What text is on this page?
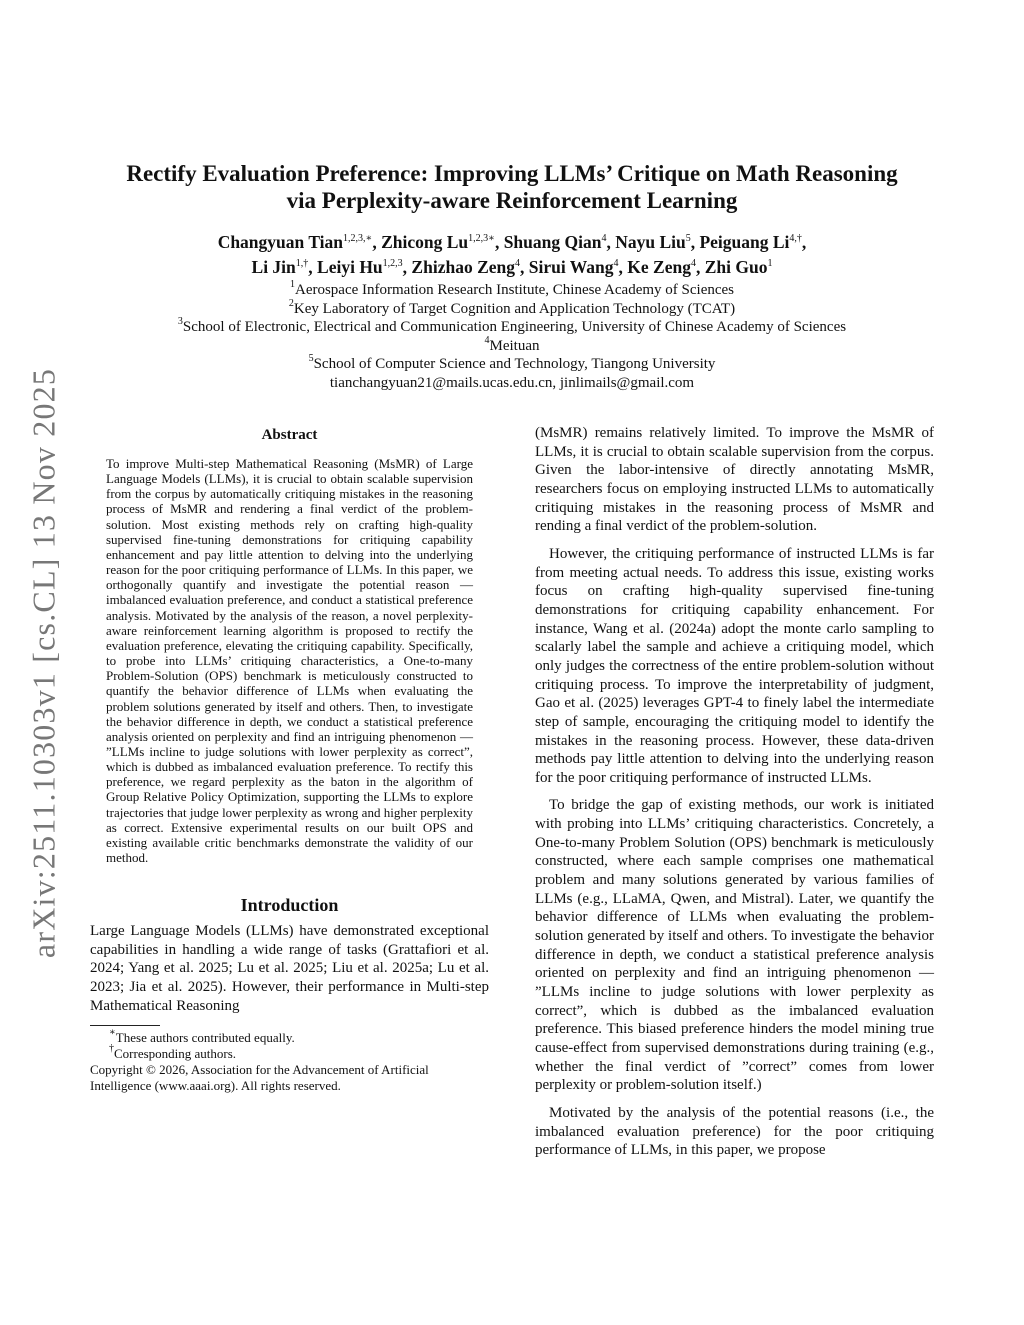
arXiv:2511.10303v1 [cs.CL] 13 Nov 2025
Rectify Evaluation Preference: Improving LLMs’ Critique on Math Reasoning
via Perplexity-aware Reinforcement Learning
Changyuan Tian$^{1,2,3,∗}$, Zhicong $Lu^{1,2,3∗}$, Shuang Qian$^4$, Nayu Liu$^5$, Peiguang $Li^{4,\dagger}$,
Li Jin$^{1,\dagger}$, Leiyi Hu$^{1,2,3}$, Zhizhao Zeng$^4$, Sirui Wang$^4$, Ke Zeng$^4$, Zhi Guo$^1$
$^1$Aerospace Information Research Institute, Chinese Academy of Sciences
$^2$Key Laboratory of Target Cognition and Application Technology (TCAT)
$^3$School of Electronic, Electrical and Communication Engineering, University of Chinese Academy of Sciences
$^4$Meituan
$^5$School of Computer Science and Technology, Tiangong University
tianchangyuan21@mails.ucas.edu.cn, jinlimails@gmail.com
Abstract

To improve Multi-step Mathematical Reasoning (MsMR) of Large Language Models (LLMs), it is crucial to obtain scalable supervision from the corpus by automatically critiquing mistakes in the reasoning process of MsMR and rendering a final verdict of the problem-solution. Most existing methods rely on crafting high-quality supervised fine-tuning demonstrations for critiquing capability enhancement and pay little attention to delving into the underlying reason for the poor critiquing performance of LLMs. In this paper, we orthogonally quantify and investigate the potential reason — imbalanced evaluation preference, and conduct a statistical preference analysis. Motivated by the analysis of the reason, a novel perplexity-aware reinforcement learning algorithm is proposed to rectify the evaluation preference, elevating the critiquing capability. Specifically, to probe into LLMs’ critiquing characteristics, a One-to-many Problem-Solution (OPS) benchmark is meticulously constructed to quantify the behavior difference of LLMs when evaluating the problem solutions generated by itself and others. Then, to investigate the behavior difference in depth, we conduct a statistical preference analysis oriented on perplexity and find an intriguing phenomenon — ”LLMs incline to judge solutions with lower perplexity as correct”, which is dubbed as imbalanced evaluation preference. To rectify this preference, we regard perplexity as the baton in the algorithm of Group Relative Policy Optimization, supporting the LLMs to explore trajectories that judge lower perplexity as wrong and higher perplexity as correct. Extensive experimental results on our built OPS and existing available critic benchmarks demonstrate the validity of our method.

Introduction

Large Language Models (LLMs) have demonstrated exceptional capabilities in handling a wide range of tasks (Grattafiori et al. 2024; Yang et al. 2025; Lu et al. 2025; Liu et al. 2025a; Lu et al. 2023; Jia et al. 2025). However, their performance in Multi-step Mathematical Reasoning

∗These authors contributed equally.

†Corresponding authors.

Copyright © 2026, Association for the Advancement of Artificial Intelligence (www.aaai.org). All rights reserved.

(MsMR) remains relatively limited. To improve the MsMR of LLMs, it is crucial to obtain scalable supervision from the corpus. Given the labor-intensive of directly annotating MsMR, researchers focus on employing instructed LLMs to automatically critiquing mistakes in the reasoning process of MsMR and rending a final verdict of the problem-solution.

However, the critiquing performance of instructed LLMs is far from meeting actual needs. To address this issue, existing works focus on crafting high-quality supervised fine-tuning demonstrations for critiquing capability enhancement. For instance, Wang et al. (2024a) adopt the monte carlo sampling to scalarly label the sample and achieve a critiquing model, which only judges the correctness of the entire problem-solution without critiquing process. To improve the interpretability of judgment, Gao et al. (2025) leverages GPT-4 to finely label the intermediate step of sample, encouraging the critiquing model to identify the mistakes in the reasoning process. However, these data-driven methods pay little attention to delving into the underlying reason for the poor critiquing performance of instructed LLMs.

To bridge the gap of existing methods, our work is initiated with probing into LLMs’ critiquing characteristics. Concretely, a One-to-many Problem Solution (OPS) benchmark is meticulously constructed, where each sample comprises one mathematical problem and many solutions generated by various families of LLMs (e.g., LLaMA, Qwen, and Mistral). Later, we quantify the behavior difference of LLMs when evaluating the problem-solution generated by itself and others. To investigate the behavior difference in depth, we conduct a statistical preference analysis oriented on perplexity and find an intriguing phenomenon — ”LLMs incline to judge solutions with lower perplexity as correct”, which is dubbed as the imbalanced evaluation preference. This biased preference hinders the model mining true cause-effect from supervised demonstrations during training (e.g., whether the final verdict of ”correct” comes from lower perplexity or problem-solution itself.)

Motivated by the analysis of the potential reasons (i.e., the imbalanced evaluation preference) for the poor critiquing performance of LLMs, in this paper, we propose
